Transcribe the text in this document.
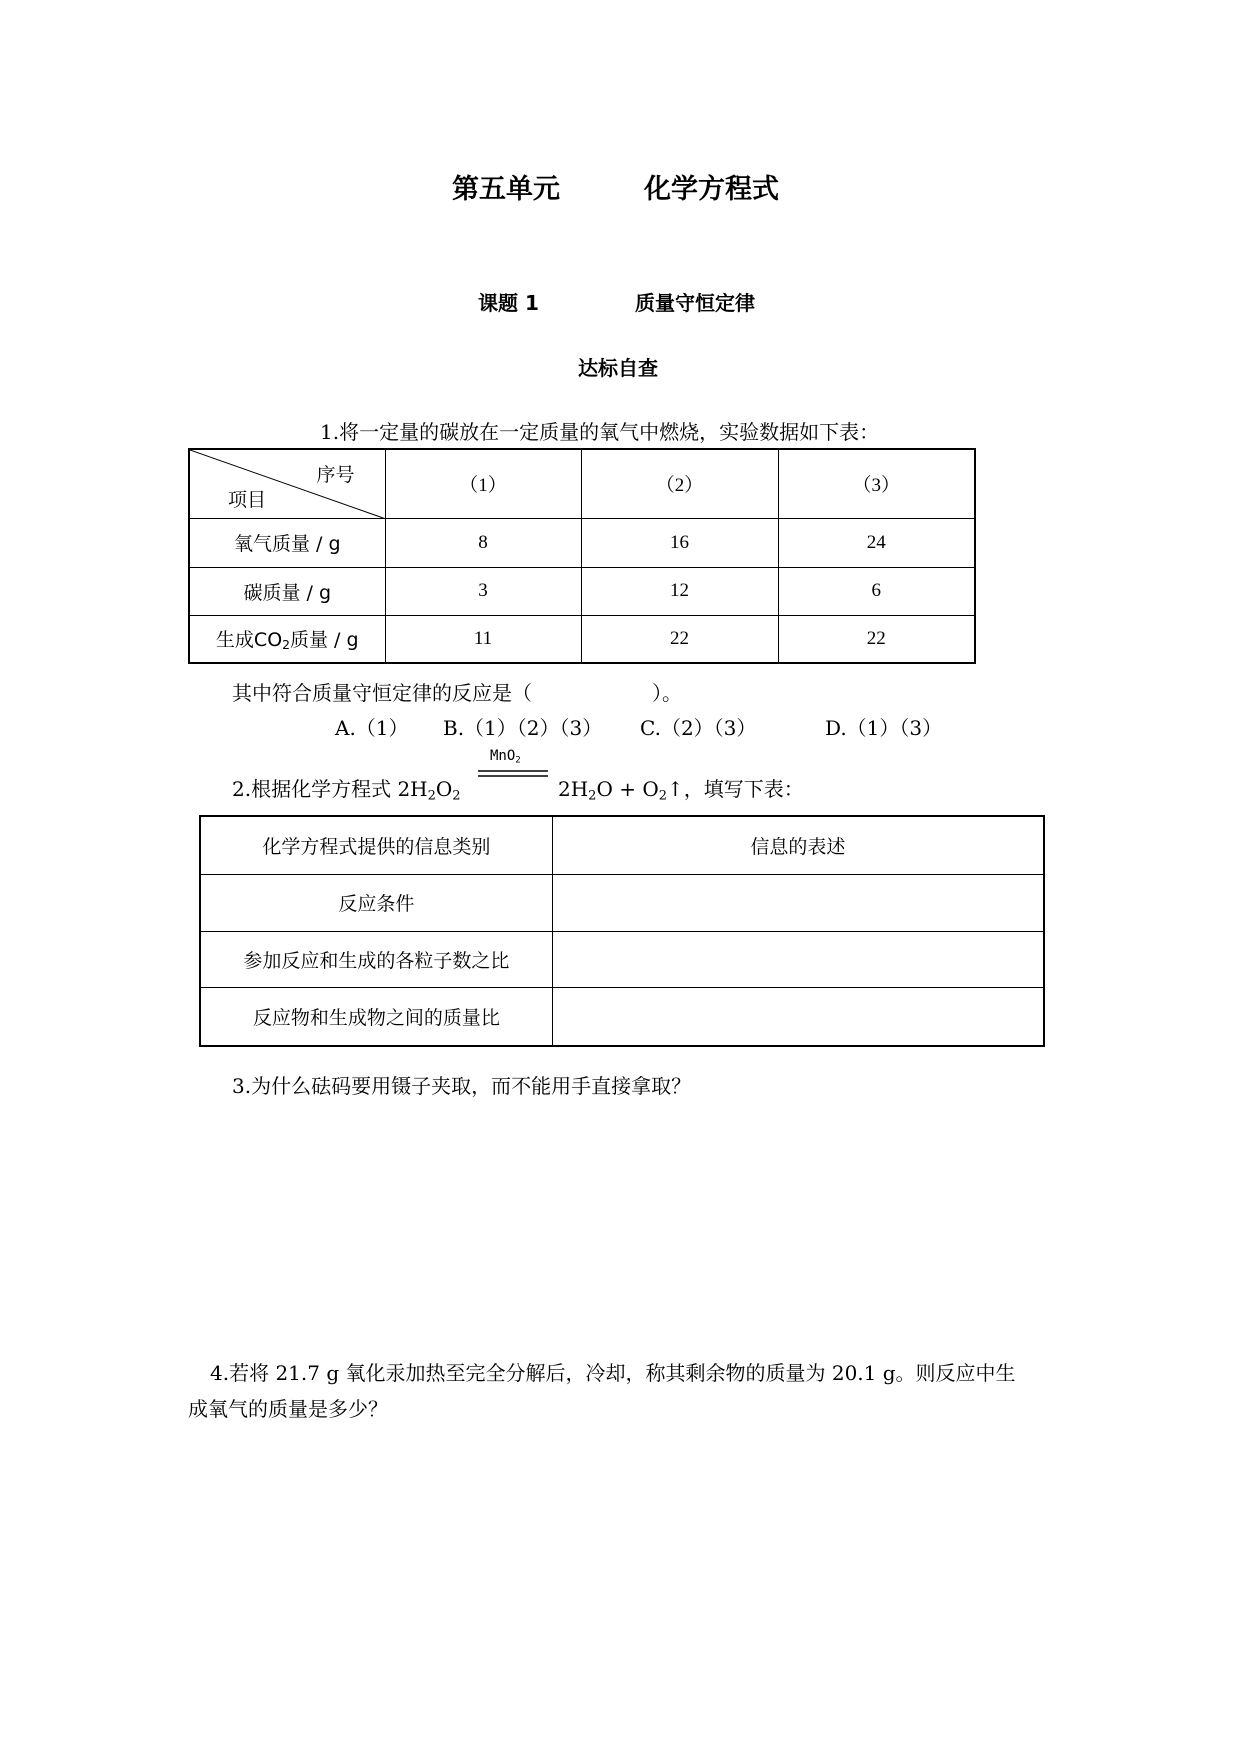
第五单元	化学方程式
课题 1	质量守恒定律
达标自查
1.将一定量的碳放在一定质量的氧气中燃烧，实验数据如下表：
序号
项目	（1）	（2）	（3）
氧气质量 / g	8	16	24
碳质量 / g	3	12	6
生成$CO_2$质量 / g	11	22	22
其中符合质量守恒定律的反应是（　　　　　　）。
A.（1） B.（1）（2）（3） C.（2）（3）	D.（1）（3）
2.根据化学方程式 $2H_2O_2$
MnO$_2$
$2H_2O$ + $O_2↑$，填写下表：
化学方程式提供的信息类别	信息的表述
反应条件	
参加反应和生成的各粒子数之比	
反应物和生成物之间的质量比	
3.为什么砝码要用镊子夹取，而不能用手直接拿取？
4.若将 21.7 g 氧化汞加热至完全分解后，冷却，称其剩余物的质量为 20.1 g。则反应中生
成氧气的质量是多少？
